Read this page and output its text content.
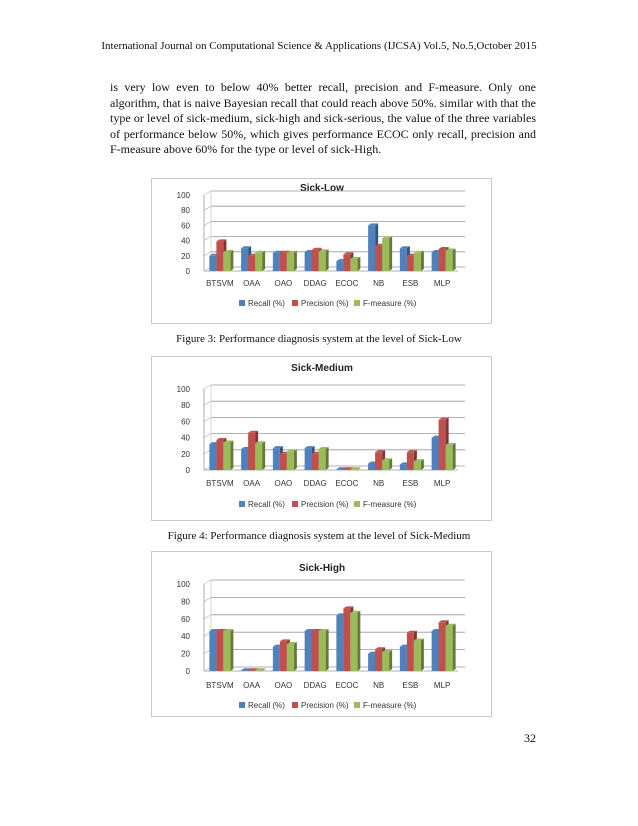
International Journal on Computational Science & Applications (IJCSA) Vol.5, No.5,October 2015

is very low even to below 40% better recall, precision and F-measure. Only one algorithm, that is naive Bayesian recall that could reach above 50%. similar with that the type or level of sick-medium, sick-high and sick-serious, the value of the three variables of performance below 50%, which gives performance ECOC only recall, precision and F-measure above 60% for the type or level of sick-High.

Sick-Low
0
20
40
60
80
100
BTSVM OAA OAO DDAG ECOC NB ESB MLP
Recall (%) Precision (%) F-measure (%)
Figure 3: Performance diagnosis system at the level of Sick-Low
Sick-Medium
0
20
40
60
80
100
BTSVM OAA OAO DDAG ECOC NB ESB MLP
Recall (%) Precision (%) F-measure (%)
Figure 4: Performance diagnosis system at the level of Sick-Medium
Sick-High
0
20
40
60
80
100
BTSVM OAA OAO DDAG ECOC NB ESB MLP
Recall (%) Precision (%) F-measure (%)
32
